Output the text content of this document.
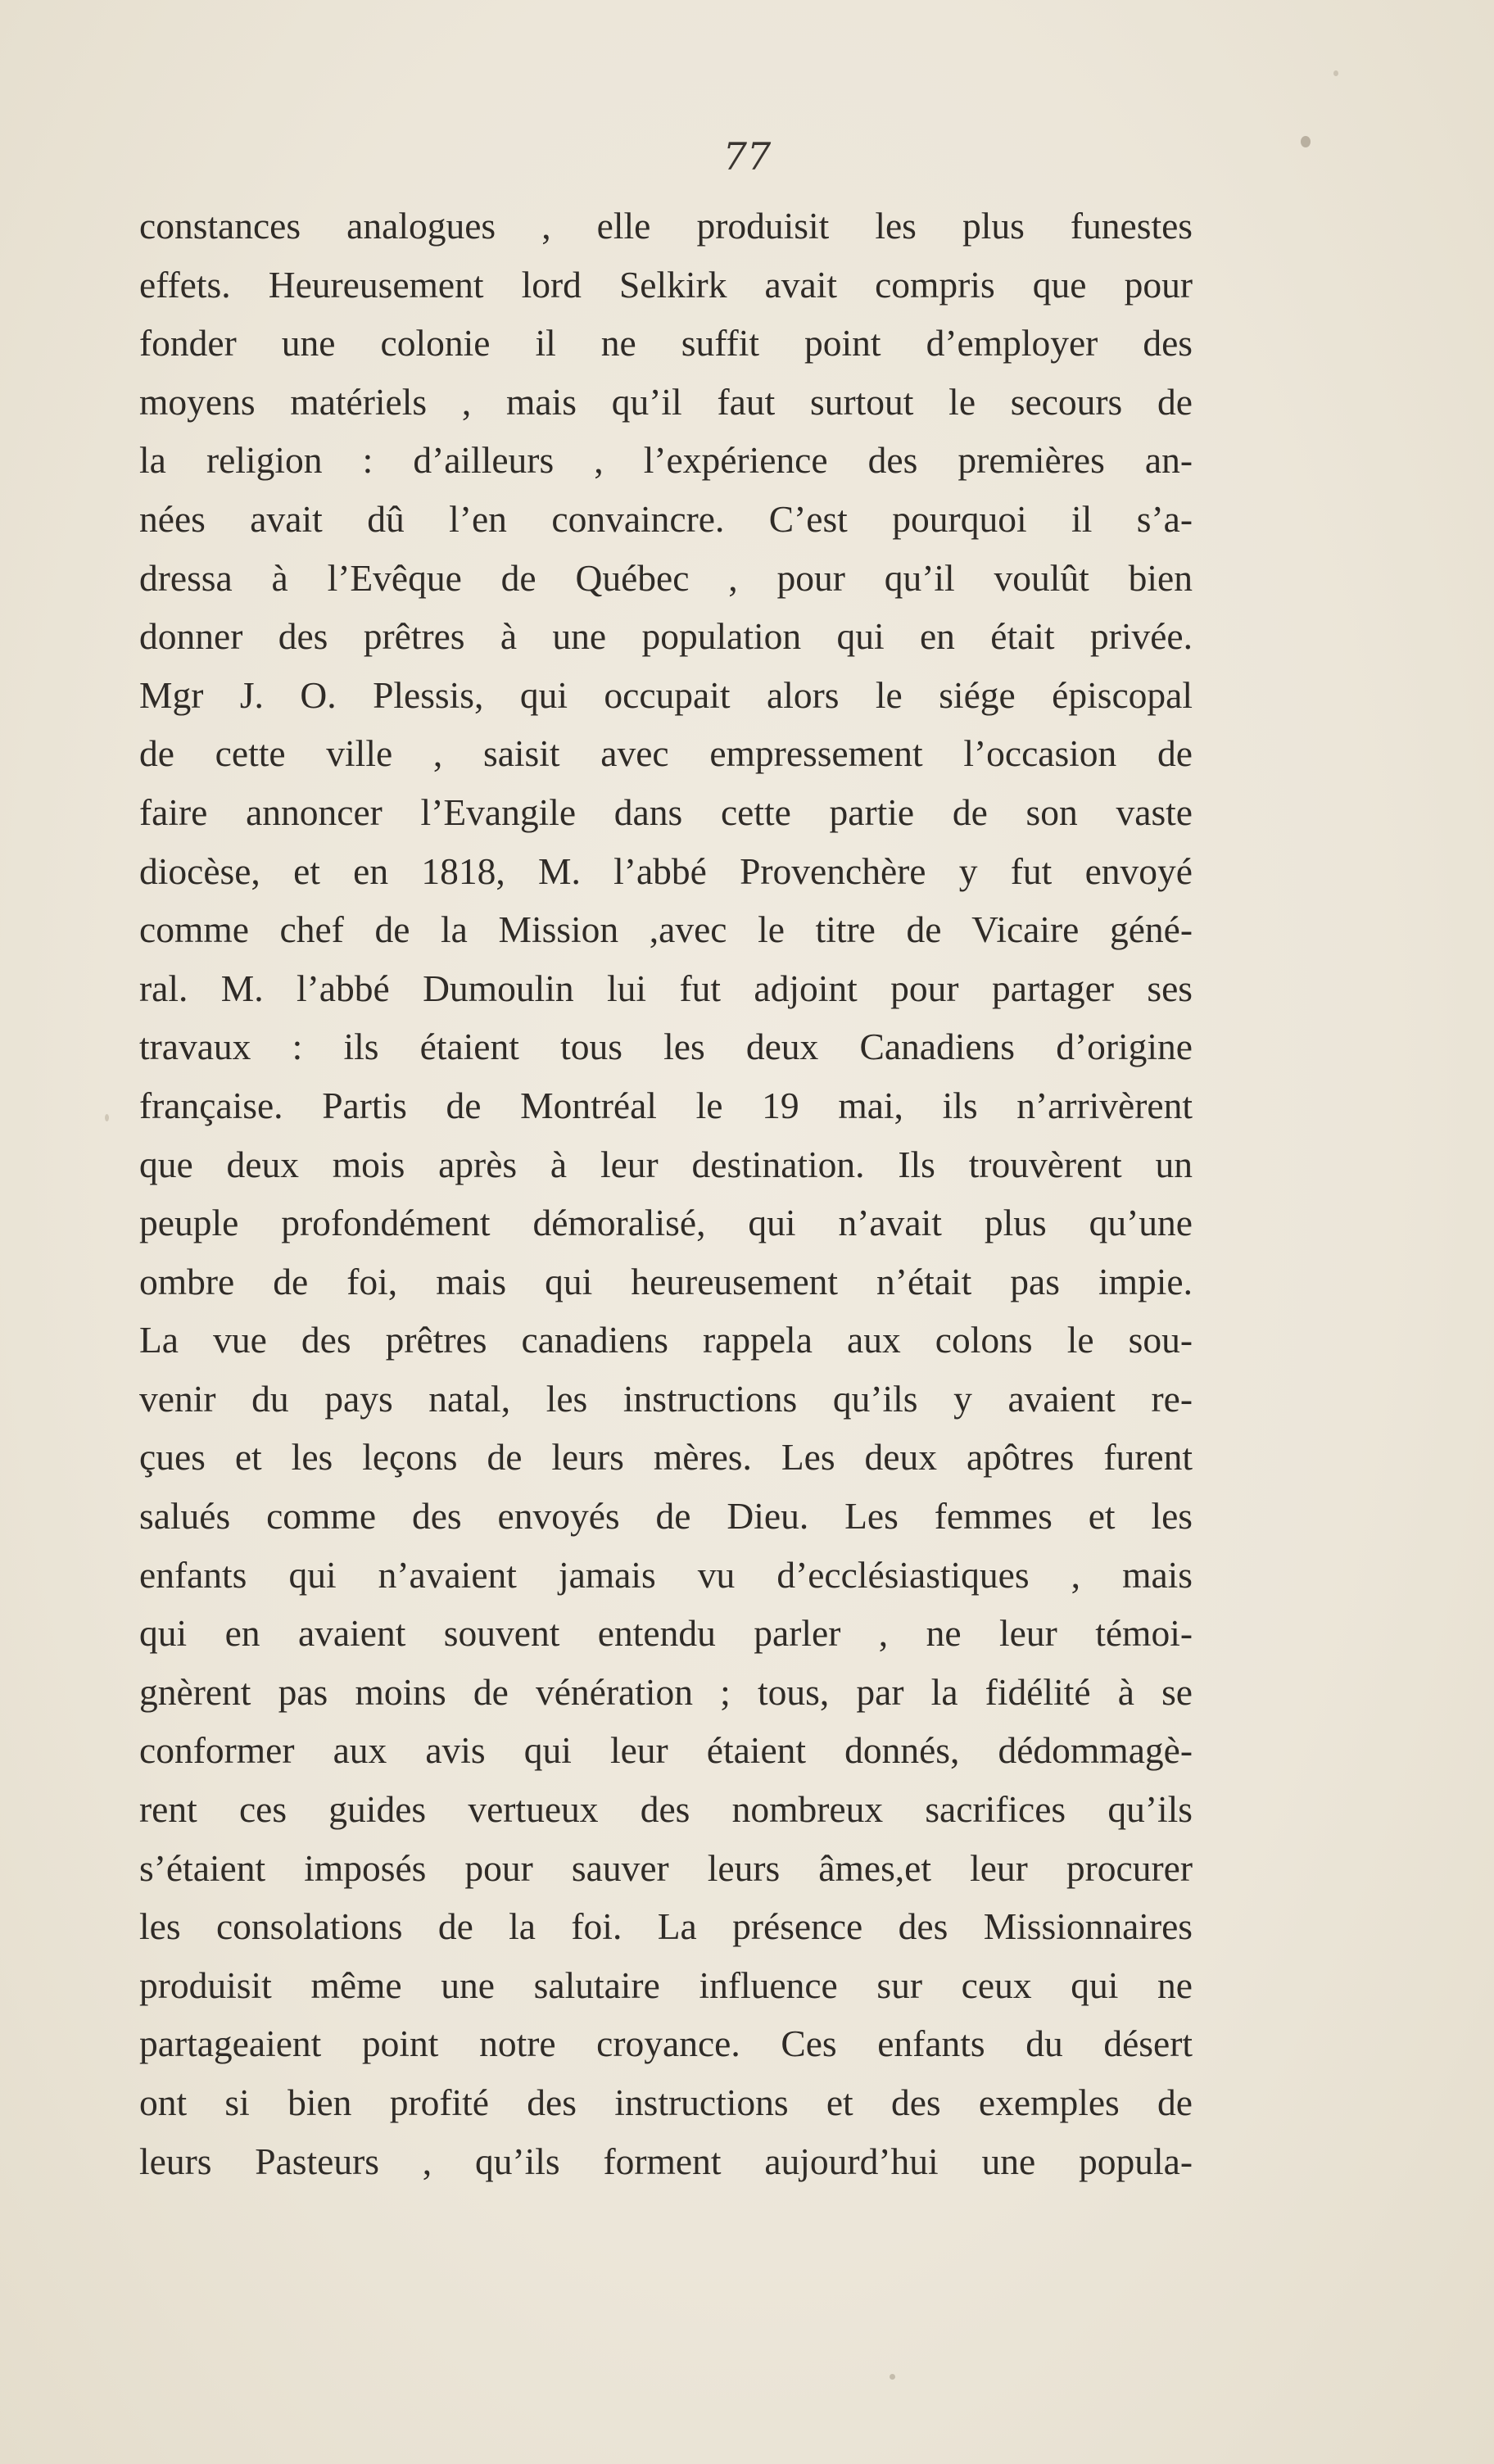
77
constances analogues , elle produisit les plus funestes
effets. Heureusement lord Selkirk avait compris que pour
fonder une colonie il ne suffit point d’employer des
moyens matériels , mais qu’il faut surtout le secours de
la religion : d’ailleurs , l’expérience des premières an-
nées avait dû l’en convaincre. C’est pourquoi il s’a-
dressa à l’Evêque de Québec , pour qu’il voulût bien
donner des prêtres à une population qui en était privée.
Mgr J. O. Plessis, qui occupait alors le siége épiscopal
de cette ville , saisit avec empressement l’occasion de
faire annoncer l’Evangile dans cette partie de son vaste
diocèse, et en 1818, M. l’abbé Provenchère y fut envoyé
comme chef de la Mission ,avec le titre de Vicaire géné-
ral. M. l’abbé Dumoulin lui fut adjoint pour partager ses
travaux : ils étaient tous les deux Canadiens d’origine
française. Partis de Montréal le 19 mai, ils n’arrivèrent
que deux mois après à leur destination. Ils trouvèrent un
peuple profondément démoralisé, qui n’avait plus qu’une
ombre de foi, mais qui heureusement n’était pas impie.
La vue des prêtres canadiens rappela aux colons le sou-
venir du pays natal, les instructions qu’ils y avaient re-
çues et les leçons de leurs mères. Les deux apôtres furent
salués comme des envoyés de Dieu. Les femmes et les
enfants qui n’avaient jamais vu d’ecclésiastiques , mais
qui en avaient souvent entendu parler , ne leur témoi-
gnèrent pas moins de vénération ; tous, par la fidélité à se
conformer aux avis qui leur étaient donnés, dédommagè-
rent ces guides vertueux des nombreux sacrifices qu’ils
s’étaient imposés pour sauver leurs âmes,et leur procurer
les consolations de la foi. La présence des Missionnaires
produisit même une salutaire influence sur ceux qui ne
partageaient point notre croyance. Ces enfants du désert
ont si bien profité des instructions et des exemples de
leurs Pasteurs , qu’ils forment aujourd’hui une popula-
